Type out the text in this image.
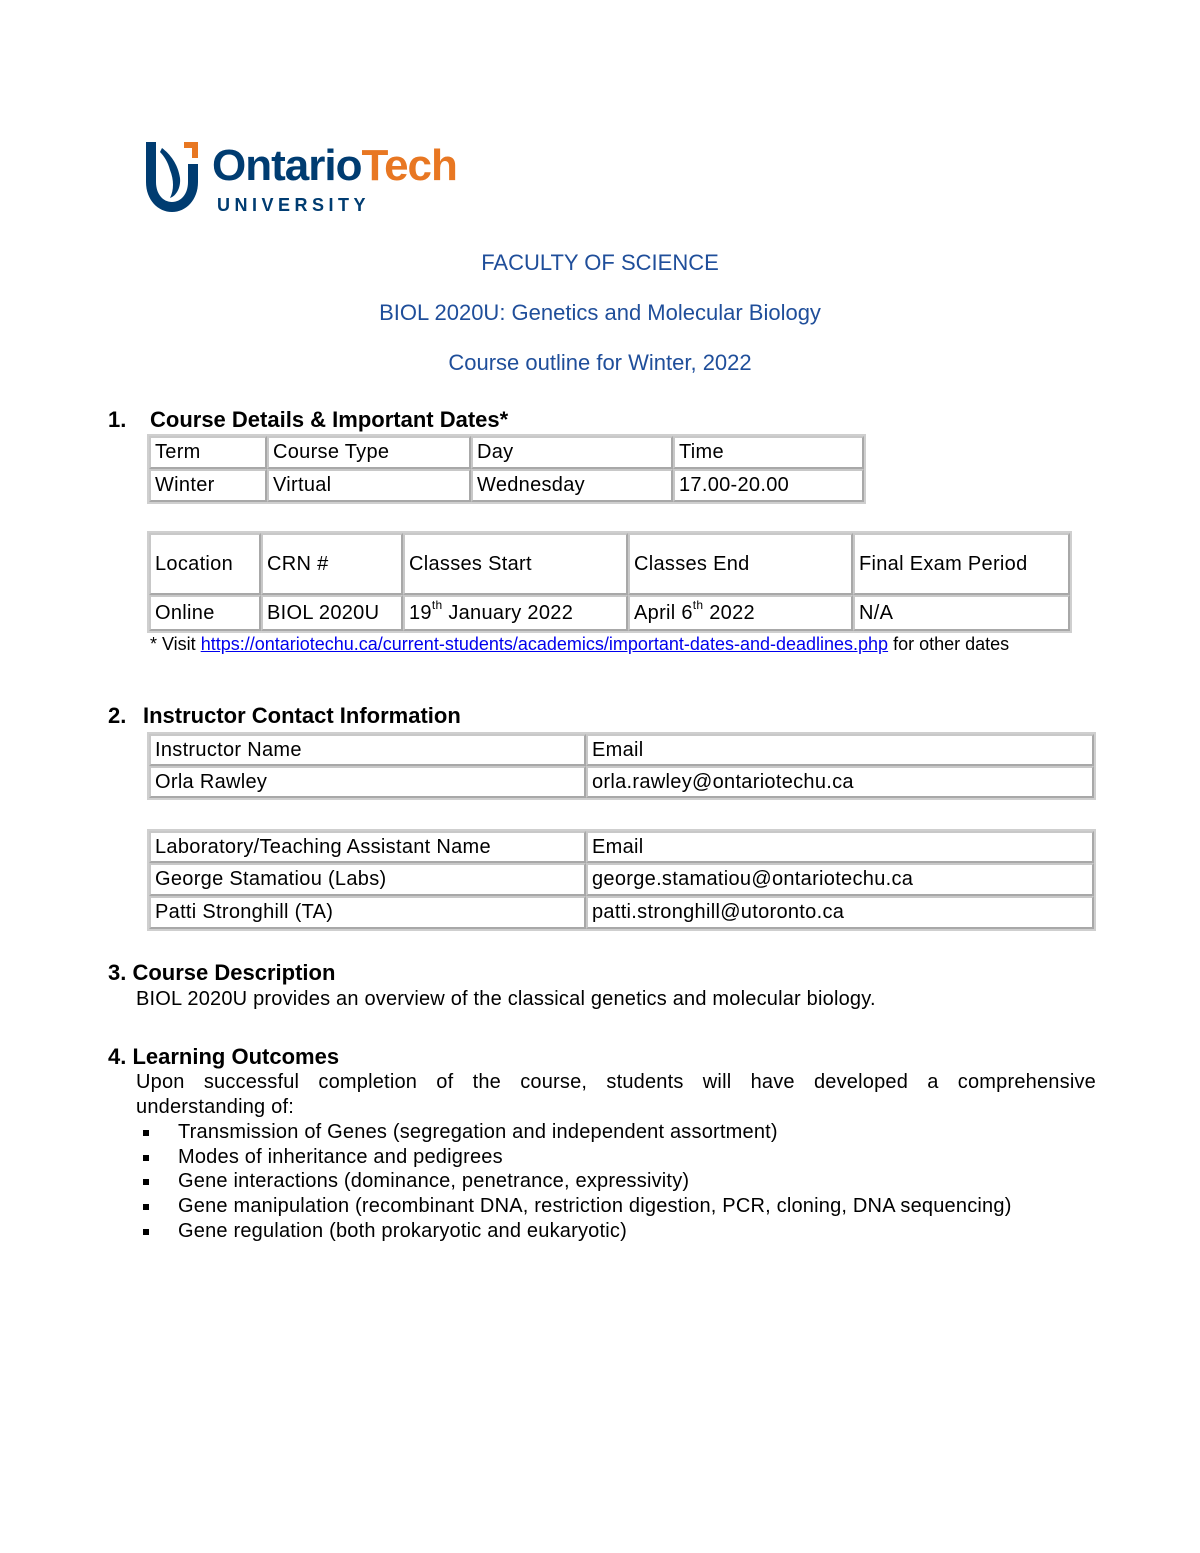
OntarioTech
UNIVERSITY
FACULTY OF SCIENCE
BIOL 2020U: Genetics and Molecular Biology
Course outline for Winter, 2022
1. Course Details & Important Dates*
Term	Course Type	Day	Time
Winter	Virtual	Wednesday	17.00-20.00
Location	CRN #	Classes Start	Classes End	Final Exam Period
Online	BIOL 2020U	19th January 2022	April 6th 2022	N/A
* Visit https://ontariotechu.ca/current-students/academics/important-dates-and-deadlines.php for other dates
2. Instructor Contact Information
Instructor Name	Email
Orla Rawley	orla.rawley@ontariotechu.ca
Laboratory/Teaching Assistant Name	Email
George Stamatiou (Labs)	george.stamatiou@ontariotechu.ca
Patti Stronghill (TA)	patti.stronghill@utoronto.ca
3. Course Description
BIOL 2020U provides an overview of the classical genetics and molecular biology.
4. Learning Outcomes
Upon successful completion of the course, students will have developed a comprehensive
understanding of:
Transmission of Genes (segregation and independent assortment)
Modes of inheritance and pedigrees
Gene interactions (dominance, penetrance, expressivity)
Gene manipulation (recombinant DNA, restriction digestion, PCR, cloning, DNA sequencing)
Gene regulation (both prokaryotic and eukaryotic)
